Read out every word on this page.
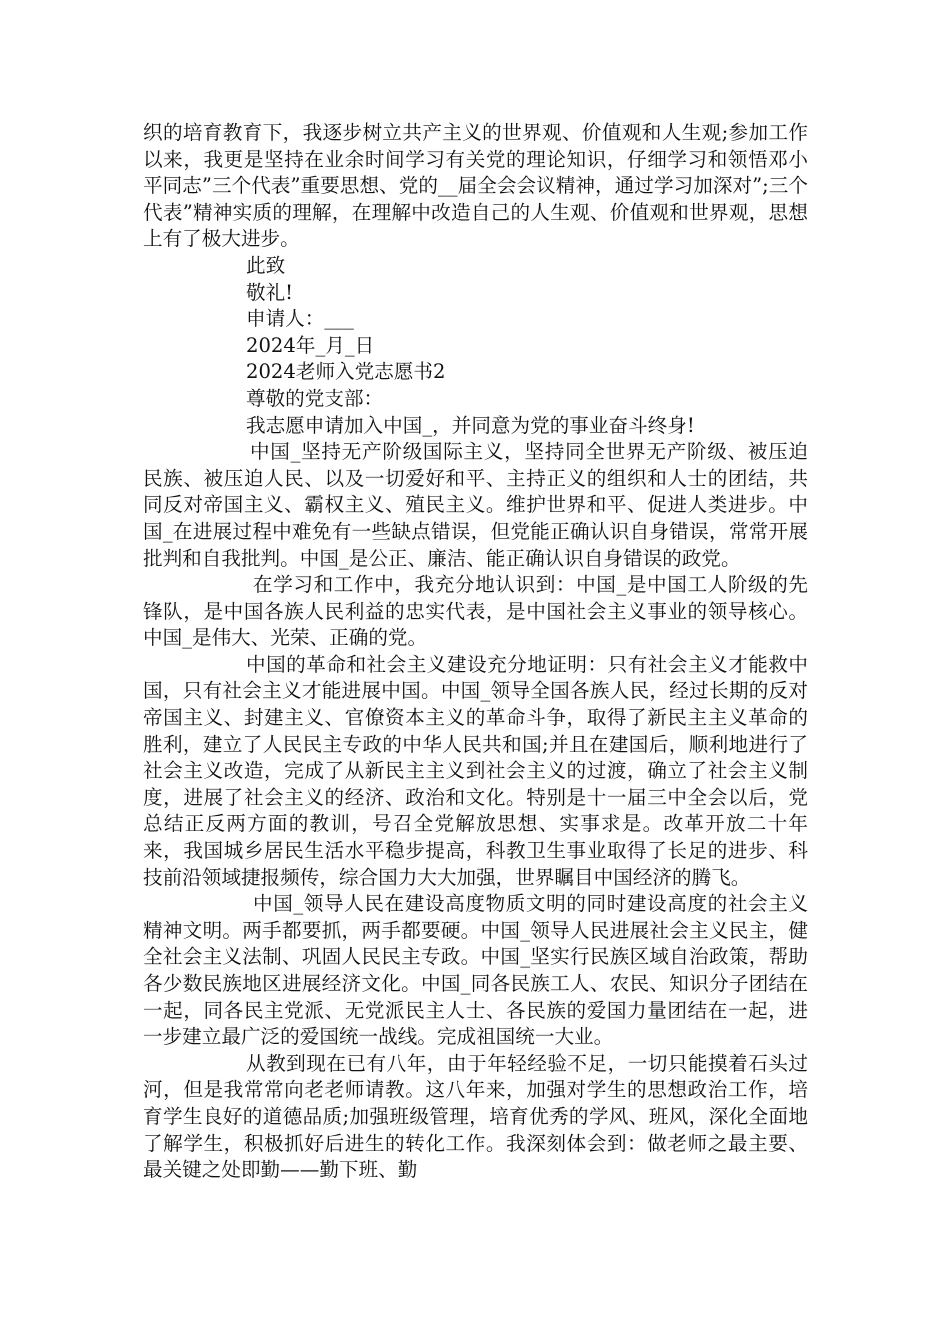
织的培育教育下，我逐步树立共产主义的世界观、价值观和人生观;参加工作以来，我更是坚持在业余时间学习有关党的理论知识，仔细学习和领悟邓小平同志”三个代表”重要思想、党的__届全会会议精神，通过学习加深对”;三个代表”精神实质的理解，在理解中改造自己的人生观、价值观和世界观，思想上有了极大进步。

此致

敬礼!

申请人：___

2024年_月_日

2024老师入党志愿书2

尊敬的党支部：

我志愿申请加入中国_，并同意为党的事业奋斗终身!

中国_坚持无产阶级国际主义，坚持同全世界无产阶级、被压迫民族、被压迫人民、以及一切爱好和平、主持正义的组织和人士的团结，共同反对帝国主义、霸权主义、殖民主义。维护世界和平、促进人类进步。中国_在进展过程中难免有一些缺点错误，但党能正确认识自身错误，常常开展批判和自我批判。中国_是公正、廉洁、能正确认识自身错误的政党。

在学习和工作中，我充分地认识到：中国_是中国工人阶级的先锋队，是中国各族人民利益的忠实代表，是中国社会主义事业的领导核心。中国_是伟大、光荣、正确的党。

中国的革命和社会主义建设充分地证明：只有社会主义才能救中国，只有社会主义才能进展中国。中国_领导全国各族人民，经过长期的反对帝国主义、封建主义、官僚资本主义的革命斗争，取得了新民主主义革命的胜利，建立了人民民主专政的中华人民共和国;并且在建国后，顺利地进行了社会主义改造，完成了从新民主主义到社会主义的过渡，确立了社会主义制度，进展了社会主义的经济、政治和文化。特别是十一届三中全会以后，党总结正反两方面的教训，号召全党解放思想、实事求是。改革开放二十年来，我国城乡居民生活水平稳步提高，科教卫生事业取得了长足的进步、科技前沿领域捷报频传，综合国力大大加强，世界瞩目中国经济的腾飞。

中国_领导人民在建设高度物质文明的同时建设高度的社会主义精神文明。两手都要抓，两手都要硬。中国_领导人民进展社会主义民主，健全社会主义法制、巩固人民民主专政。中国_坚实行民族区域自治政策，帮助各少数民族地区进展经济文化。中国_同各民族工人、农民、知识分子团结在一起，同各民主党派、无党派民主人士、各民族的爱国力量团结在一起，进一步建立最广泛的爱国统一战线。完成祖国统一大业。

从教到现在已有八年，由于年轻经验不足，一切只能摸着石头过河，但是我常常向老老师请教。这八年来，加强对学生的思想政治工作，培育学生良好的道德品质;加强班级管理，培育优秀的学风、班风，深化全面地了解学生，积极抓好后进生的转化工作。我深刻体会到：做老师之最主要、最关键之处即勤——勤下班、勤
